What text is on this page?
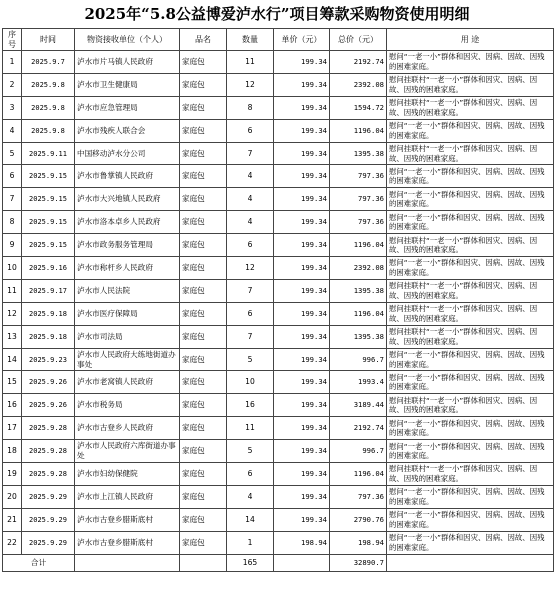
2025年“5.8公益博爱泸水行”项目筹款采购物资使用明细
序号	时间	物资接收单位（个人）	品名	数量	单价（元）	总价（元）	用 途
1	2025.9.7	泸水市片马镇人民政府	家庭包	11	199.34	2192.74	慰问“一老一小”群体和因灾、因病、因故、因残的困难家庭。
2	2025.9.8	泸水市卫生健康局	家庭包	12	199.34	2392.08	慰问挂联村“一老一小”群体和因灾、因病、因故、因残的困难家庭。
3	2025.9.8	泸水市应急管理局	家庭包	8	199.34	1594.72	慰问挂联村“一老一小”群体和因灾、因病、因故、因残的困难家庭。
4	2025.9.8	泸水市残疾人联合会	家庭包	6	199.34	1196.04	慰问“一老一小”群体和因灾、因病、因故、因残的困难家庭。
5	2025.9.11	中国移动泸水分公司	家庭包	7	199.34	1395.38	慰问挂联村“一老一小”群体和因灾、因病、因故、因残的困难家庭。
6	2025.9.15	泸水市鲁掌镇人民政府	家庭包	4	199.34	797.36	慰问“一老一小”群体和因灾、因病、因故、因残的困难家庭。
7	2025.9.15	泸水市大兴地镇人民政府	家庭包	4	199.34	797.36	慰问“一老一小”群体和因灾、因病、因故、因残的困难家庭。
8	2025.9.15	泸水市洛本卓乡人民政府	家庭包	4	199.34	797.36	慰问“一老一小”群体和因灾、因病、因故、因残的困难家庭。
9	2025.9.15	泸水市政务服务管理局	家庭包	6	199.34	1196.04	慰问挂联村“一老一小”群体和因灾、因病、因故、因残的困难家庭。
10	2025.9.16	泸水市称杆乡人民政府	家庭包	12	199.34	2392.08	慰问“一老一小”群体和因灾、因病、因故、因残的困难家庭。
11	2025.9.17	泸水市人民法院	家庭包	7	199.34	1395.38	慰问挂联村“一老一小”群体和因灾、因病、因故、因残的困难家庭。
12	2025.9.18	泸水市医疗保障局	家庭包	6	199.34	1196.04	慰问挂联村“一老一小”群体和因灾、因病、因故、因残的困难家庭。
13	2025.9.18	泸水市司法局	家庭包	7	199.34	1395.38	慰问挂联村“一老一小”群体和因灾、因病、因故、因残的困难家庭。
14	2025.9.23	泸水市人民政府大练地街道办事处	家庭包	5	199.34	996.7	慰问“一老一小”群体和因灾、因病、因故、因残的困难家庭。
15	2025.9.26	泸水市老窝镇人民政府	家庭包	10	199.34	1993.4	慰问“一老一小”群体和因灾、因病、因故、因残的困难家庭。
16	2025.9.26	泸水市税务局	家庭包	16	199.34	3189.44	慰问挂联村“一老一小”群体和因灾、因病、因故、因残的困难家庭。
17	2025.9.28	泸水市古登乡人民政府	家庭包	11	199.34	2192.74	慰问“一老一小”群体和因灾、因病、因故、因残的困难家庭。
18	2025.9.28	泸水市人民政府六库街道办事处	家庭包	5	199.34	996.7	慰问“一老一小”群体和因灾、因病、因故、因残的困难家庭。
19	2025.9.28	泸水市妇幼保健院	家庭包	6	199.34	1196.04	慰问挂联村“一老一小”群体和因灾、因病、因故、因残的困难家庭。
20	2025.9.29	泸水市上江镇人民政府	家庭包	4	199.34	797.36	慰问“一老一小”群体和因灾、因病、因故、因残的困难家庭。
21	2025.9.29	泸水市古登乡腊斯底村	家庭包	14	199.34	2790.76	慰问“一老一小”群体和因灾、因病、因故、因残的困难家庭。
22	2025.9.29	泸水市古登乡腊斯底村	家庭包	1	198.94	198.94	慰问“一老一小”群体和因灾、因病、因故、因残的困难家庭。
合计				165		32890.7	
